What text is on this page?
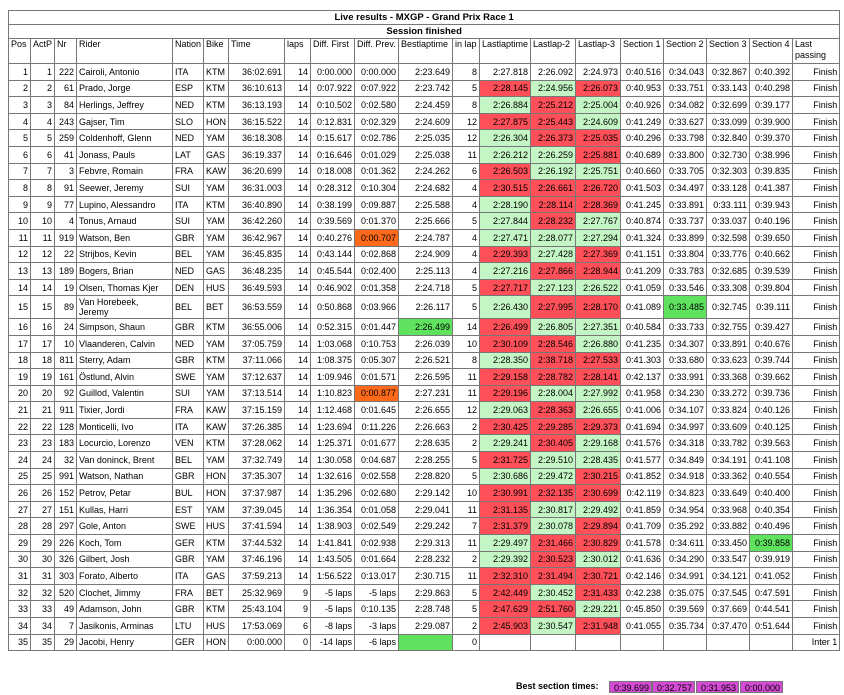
Live results - MXGP - Grand Prix Race 1																			
Session finished																			
Pos	ActP	Nr	Rider	Nation	Bike	Time	laps	Diff. First	Diff. Prev.	Bestlaptime	in lap	Lastlaptime	Lastlap-2	Lastlap-3	Section 1	Section 2	Section 3	Section 4	Last passing
1	1	222	Cairoli, Antonio	ITA	KTM	36:02.691	14	0:00.000	0:00.000	2:23.649	8	2:27.818	2:26.092	2:24.973	0:40.516	0:34.043	0:32.867	0:40.392	Finish
2	2	61	Prado, Jorge	ESP	KTM	36:10.613	14	0:07.922	0:07.922	2:23.742	5	2:28.145	2:24.956	2:26.073	0:40.953	0:33.751	0:33.143	0:40.298	Finish
3	3	84	Herlings, Jeffrey	NED	KTM	36:13.193	14	0:10.502	0:02.580	2:24.459	8	2:26.884	2:25.212	2:25.004	0:40.926	0:34.082	0:32.699	0:39.177	Finish
4	4	243	Gajser, Tim	SLO	HON	36:15.522	14	0:12.831	0:02.329	2:24.609	12	2:27.875	2:25.443	2:24.609	0:41.249	0:33.627	0:33.099	0:39.900	Finish
5	5	259	Coldenhoff, Glenn	NED	YAM	36:18.308	14	0:15.617	0:02.786	2:25.035	12	2:26.304	2:26.373	2:25.035	0:40.296	0:33.798	0:32.840	0:39.370	Finish
6	6	41	Jonass, Pauls	LAT	GAS	36:19.337	14	0:16.646	0:01.029	2:25.038	11	2:26.212	2:26.259	2:25.881	0:40.689	0:33.800	0:32.730	0:38.996	Finish
7	7	3	Febvre, Romain	FRA	KAW	36:20.699	14	0:18.008	0:01.362	2:24.262	6	2:26.503	2:26.192	2:25.751	0:40.660	0:33.705	0:32.303	0:39.835	Finish
8	8	91	Seewer, Jeremy	SUI	YAM	36:31.003	14	0:28.312	0:10.304	2:24.682	4	2:30.515	2:26.661	2:26.720	0:41.503	0:34.497	0:33.128	0:41.387	Finish
9	9	77	Lupino, Alessandro	ITA	KTM	36:40.890	14	0:38.199	0:09.887	2:25.588	4	2:28.190	2:28.114	2:28.369	0:41.245	0:33.891	0:33.111	0:39.943	Finish
10	10	4	Tonus, Arnaud	SUI	YAM	36:42.260	14	0:39.569	0:01.370	2:25.666	5	2:27.844	2:28.232	2:27.767	0:40.874	0:33.737	0:33.037	0:40.196	Finish
11	11	919	Watson, Ben	GBR	YAM	36:42.967	14	0:40.276	0:00.707	2:24.787	4	2:27.471	2:28.077	2:27.294	0:41.324	0:33.899	0:32.598	0:39.650	Finish
12	12	22	Strijbos, Kevin	BEL	YAM	36:45.835	14	0:43.144	0:02.868	2:24.909	4	2:29.393	2:27.428	2:27.369	0:41.151	0:33.804	0:33.776	0:40.662	Finish
13	13	189	Bogers, Brian	NED	GAS	36:48.235	14	0:45.544	0:02.400	2:25.113	4	2:27.216	2:27.866	2:28.944	0:41.209	0:33.783	0:32.685	0:39.539	Finish
14	14	19	Olsen, Thomas Kjer	DEN	HUS	36:49.593	14	0:46.902	0:01.358	2:24.718	5	2:27.717	2:27.123	2:26.522	0:41.059	0:33.546	0:33.308	0:39.804	Finish
15	15	89	Van Horebeek, Jeremy	BEL	BET	36:53.559	14	0:50.868	0:03.966	2:26.117	5	2:26.430	2:27.995	2:28.170	0:41.089	0:33.485	0:32.745	0:39.111	Finish
16	16	24	Simpson, Shaun	GBR	KTM	36:55.006	14	0:52.315	0:01.447	2:26.499	14	2:26.499	2:26.805	2:27.351	0:40.584	0:33.733	0:32.755	0:39.427	Finish
17	17	10	Vlaanderen, Calvin	NED	YAM	37:05.759	14	1:03.068	0:10.753	2:26.039	10	2:30.109	2:28.546	2:26.880	0:41.235	0:34.307	0:33.891	0:40.676	Finish
18	18	811	Sterry, Adam	GBR	KTM	37:11.066	14	1:08.375	0:05.307	2:26.521	8	2:28.350	2:38.718	2:27.533	0:41.303	0:33.680	0:33.623	0:39.744	Finish
19	19	161	Östlund, Alvin	SWE	YAM	37:12.637	14	1:09.946	0:01.571	2:26.595	11	2:29.158	2:28.782	2:28.141	0:42.137	0:33.991	0:33.368	0:39.662	Finish
20	20	92	Guillod, Valentin	SUI	YAM	37:13.514	14	1:10.823	0:00.877	2:27.231	11	2:29.196	2:28.004	2:27.992	0:41.958	0:34.230	0:33.272	0:39.736	Finish
21	21	911	Tixier, Jordi	FRA	KAW	37:15.159	14	1:12.468	0:01.645	2:26.655	12	2:29.063	2:28.363	2:26.655	0:41.006	0:34.107	0:33.824	0:40.126	Finish
22	22	128	Monticelli, Ivo	ITA	KAW	37:26.385	14	1:23.694	0:11.226	2:26.663	2	2:30.425	2:29.285	2:29.373	0:41.694	0:34.997	0:33.609	0:40.125	Finish
23	23	183	Locurcio, Lorenzo	VEN	KTM	37:28.062	14	1:25.371	0:01.677	2:28.635	2	2:29.241	2:30.405	2:29.168	0:41.576	0:34.318	0:33.782	0:39.563	Finish
24	24	32	Van doninck, Brent	BEL	YAM	37:32.749	14	1:30.058	0:04.687	2:28.255	5	2:31.725	2:29.510	2:28.435	0:41.577	0:34.849	0:34.191	0:41.108	Finish
25	25	991	Watson, Nathan	GBR	HON	37:35.307	14	1:32.616	0:02.558	2:28.820	5	2:30.686	2:29.472	2:30.215	0:41.852	0:34.918	0:33.362	0:40.554	Finish
26	26	152	Petrov, Petar	BUL	HON	37:37.987	14	1:35.296	0:02.680	2:29.142	10	2:30.991	2:32.135	2:30.699	0:42.119	0:34.823	0:33.649	0:40.400	Finish
27	27	151	Kullas, Harri	EST	YAM	37:39.045	14	1:36.354	0:01.058	2:29.041	11	2:31.135	2:30.817	2:29.492	0:41.859	0:34.954	0:33.968	0:40.354	Finish
28	28	297	Gole, Anton	SWE	HUS	37:41.594	14	1:38.903	0:02.549	2:29.242	7	2:31.379	2:30.078	2:29.894	0:41.709	0:35.292	0:33.882	0:40.496	Finish
29	29	226	Koch, Tom	GER	KTM	37:44.532	14	1:41.841	0:02.938	2:29.313	11	2:29.497	2:31.466	2:30.829	0:41.578	0:34.611	0:33.450	0:39.858	Finish
30	30	326	Gilbert, Josh	GBR	YAM	37:46.196	14	1:43.505	0:01.664	2:28.232	2	2:29.392	2:30.523	2:30.012	0:41.636	0:34.290	0:33.547	0:39.919	Finish
31	31	303	Forato, Alberto	ITA	GAS	37:59.213	14	1:56.522	0:13.017	2:30.715	11	2:32.310	2:31.494	2:30.721	0:42.146	0:34.991	0:34.121	0:41.052	Finish
32	32	520	Clochet, Jimmy	FRA	BET	25:32.969	9	-5 laps	-5 laps	2:29.863	5	2:42.449	2:30.452	2:31.433	0:42.238	0:35.075	0:37.545	0:47.591	Finish
33	33	49	Adamson, John	GBR	KTM	25:43.104	9	-5 laps	0:10.135	2:28.748	5	2:47.629	2:51.760	2:29.221	0:45.850	0:39.569	0:37.669	0:44.541	Finish
34	34	7	Jasikonis, Arminas	LTU	HUS	17:53.069	6	-8 laps	-3 laps	2:29.087	2	2:45.903	2:30.547	2:31.948	0:41.055	0:35.734	0:37.470	0:51.644	Finish
35	35	29	Jacobi, Henry	GER	HON	0:00.000	0	-14 laps	-6 laps		0								Inter 1
Best section times:	0:39.699 0:32.757 0:31.953 0:00.000
